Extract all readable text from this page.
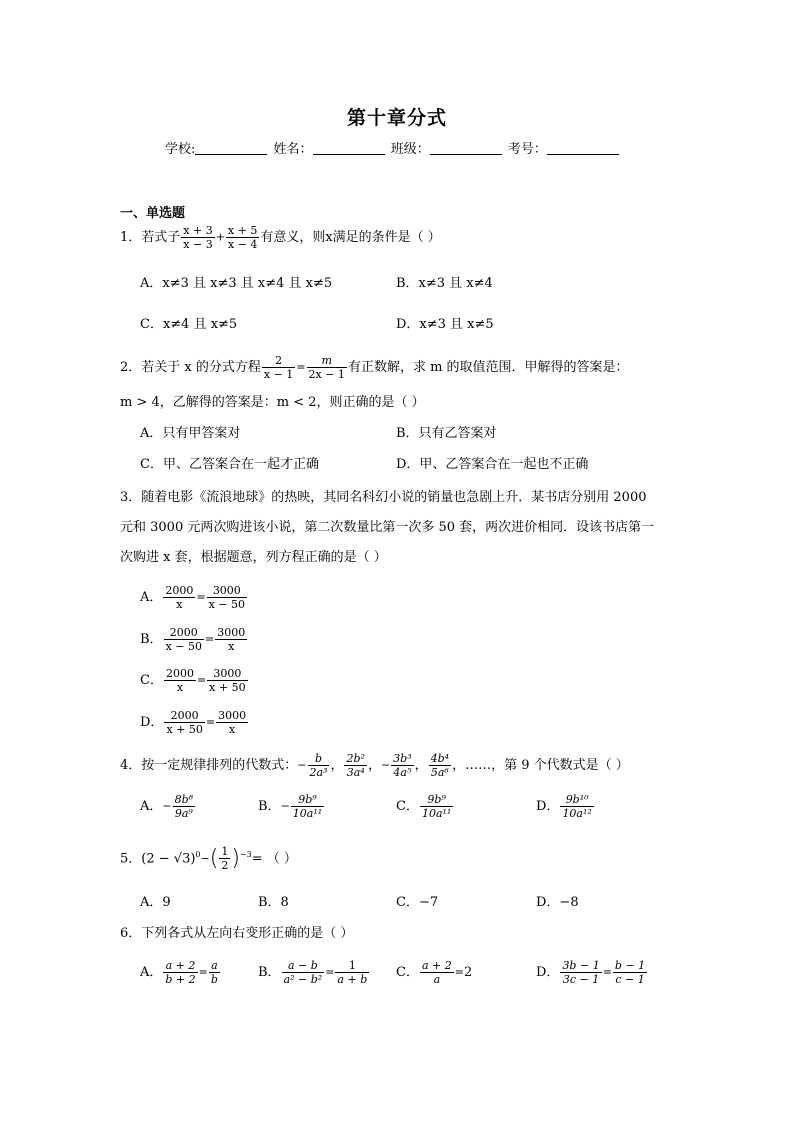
第十章分式
学校:	姓名：	班级：	考号：
一、单选题
1．若式子 $\frac{x + 3}{x - 3} + \frac{x + 5}{x - 4}$ 有意义，则x满足的条件是（ ）
A．x≠3 且 x≠3 且 x≠4 且 x≠5	B．x≠3 且 x≠4
C．x≠4 且 x≠5	D．x≠3 且 x≠5
2．若关于 x 的分式方程 $\frac{2}{x - 1} = \frac{m}{2x - 1}$ 有正数解，求 m 的取值范围．甲解得的答案是：
m > 4，乙解得的答案是：m < 2，则正确的是（ ）
A．只有甲答案对	B．只有乙答案对
C．甲、乙答案合在一起才正确	D．甲、乙答案合在一起也不正确
3．随着电影《流浪地球》的热映，其同名科幻小说的销量也急剧上升．某书店分别用 2000
元和 3000 元两次购进该小说，第二次数量比第一次多 50 套，两次进价相同．设该书店第一
次购进 x 套，根据题意，列方程正确的是（ ）
A． $\frac{2000}{x} = \frac{3000}{x - 50}$
B． $\frac{2000}{x - 50} = \frac{3000}{x}$
C． $\frac{2000}{x} = \frac{3000}{x + 50}$
D． $\frac{2000}{x + 50} = \frac{3000}{x}$
4．按一定规律排列的代数式：− $\frac{b}{\text{2a³}}$ ， $\frac{\text{2b²}}{\text{3a⁴}}$ ，− $\frac{\text{3b³}}{\text{4a⁵}}$ ， $\frac{\text{4b⁴}}{\text{5a⁶}}$ ，……，第 9 个代数式是（ ）
A．− $\frac{\text{8b⁸}}{\text{9a⁹}}$	B．− $\frac{\text{9b⁹}}{\text{10a¹¹}}$	C． $\frac{\text{9b⁹}}{\text{10a¹¹}}$	D． $\frac{\text{9b¹⁰}}{\text{10a¹²}}$
5．$(2 - √3)^0-( \frac{1}{2} )^{-3}=$ （ ）
A．9	B．8	C．−7	D．−8
6．下列各式从左向右变形正确的是（ ）
A． $\frac{a + 2}{b + 2} = \frac{a}{b}$	B． $\frac{a - b}{\text{a² − b²}} = \frac{1}{a + b}$ C． $\frac{a + 2}{a} =2$	D． $\frac{3b - 1}{3c - 1} = \frac{b - 1}{c - 1}$
